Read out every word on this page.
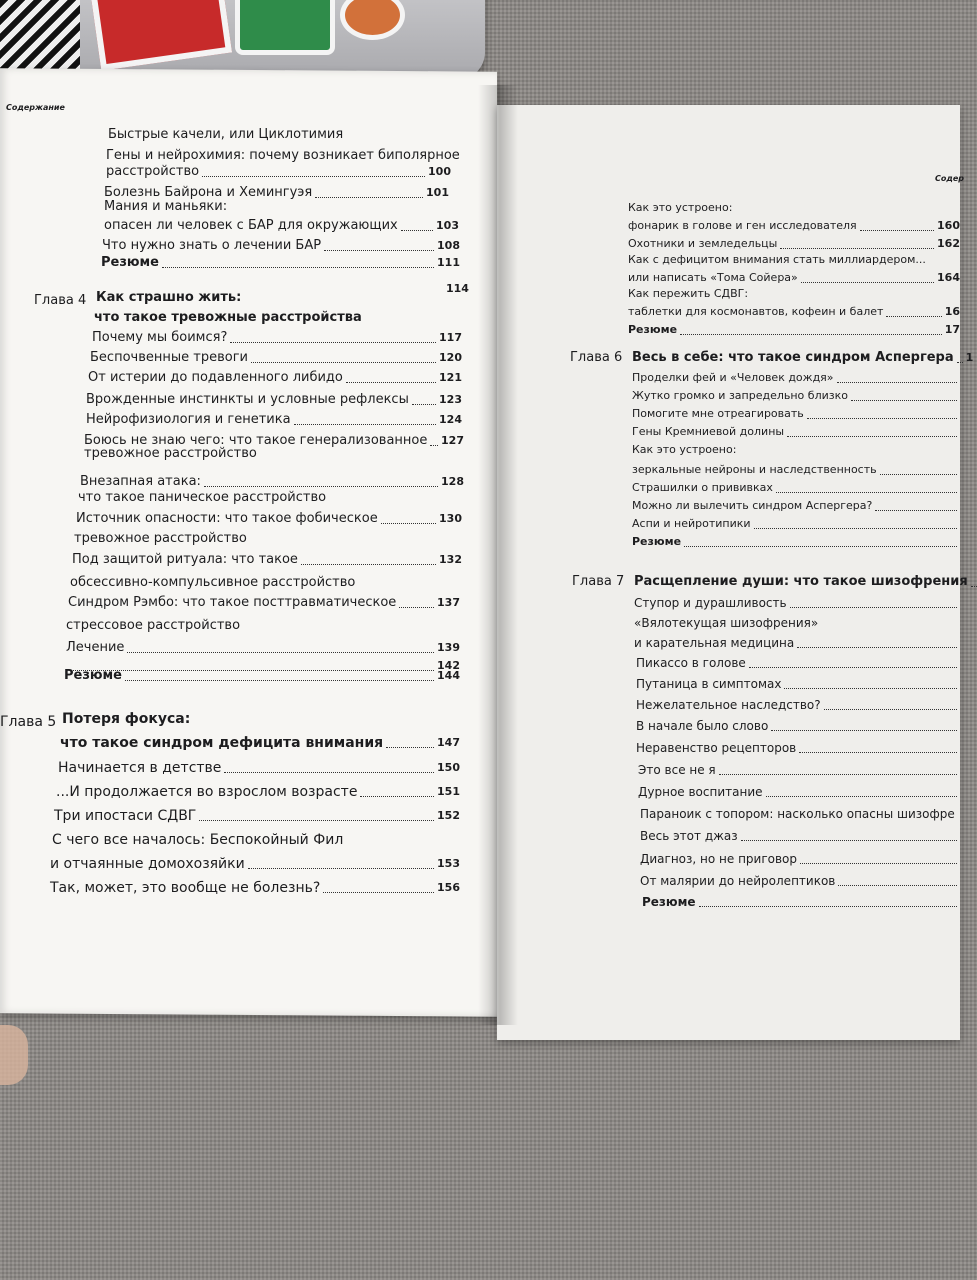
Содержание
Быстрые качели, или Циклотимия
Гены и нейрохимия: почему возникает биполярное
расстройство	100
Болезнь Байрона и Хемингуэя	101
Мания и маньяки:
опасен ли человек с БАР для окружающих	103
Что нужно знать о лечении БАР	108
Резюме	111
114
Глава 4 Как страшно жить:
что такое тревожные расстройства
Почему мы боимся?	117
Беспочвенные тревоги	120
От истерии до подавленного либидо	121
Врожденные инстинкты и условные рефлексы	123
Нейрофизиология и генетика	124
Боюсь не знаю чего: что такое генерализованное 127
тревожное расстройство
Внезапная атака:	128
что такое паническое расстройство
Источник опасности: что такое фобическое	130
тревожное расстройство
Под защитой ритуала: что такое	132
обсессивно-компульсивное расстройство
Синдром Рэмбо: что такое посттравматическое	137
стрессовое расстройство
Лечение	139
142
Резюме	144
Глава 5 Потеря фокуса:
что такое синдром дефицита внимания	147
Начинается в детстве	150
...И продолжается во взрослом возрасте	151
Три ипостаси СДВГ	152
С чего все началось: Беспокойный Фил
и отчаянные домохозяйки	153
Так, может, это вообще не болезнь?	156
Содер
Как это устроено:
фонарик в голове и ген исследователя	160
Охотники и земледельцы	162
Как с дефицитом внимания стать миллиардером...
или написать «Тома Сойера»	164
Как пережить СДВГ:
таблетки для космонавтов, кофеин и балет	16
Резюме	17
Глава 6 Весь в себе: что такое синдром Аспергера 1
Проделки фей и «Человек дождя»
Жутко громко и запредельно близко
Помогите мне отреагировать
Гены Кремниевой долины
Как это устроено:
зеркальные нейроны и наследственность
Страшилки о прививках
Можно ли вылечить синдром Аспергера?
Аспи и нейротипики
Резюме
Глава 7 Расщепление души: что такое шизофрения
Ступор и дурашливость
«Вялотекущая шизофрения»
и карательная медицина
Пикассо в голове
Путаница в симптомах
Нежелательное наследство?
В начале было слово
Неравенство рецепторов
Это все не я
Дурное воспитание
Параноик с топором: насколько опасны шизофре
Весь этот джаз
Диагноз, но не приговор
От малярии до нейролептиков
Резюме
